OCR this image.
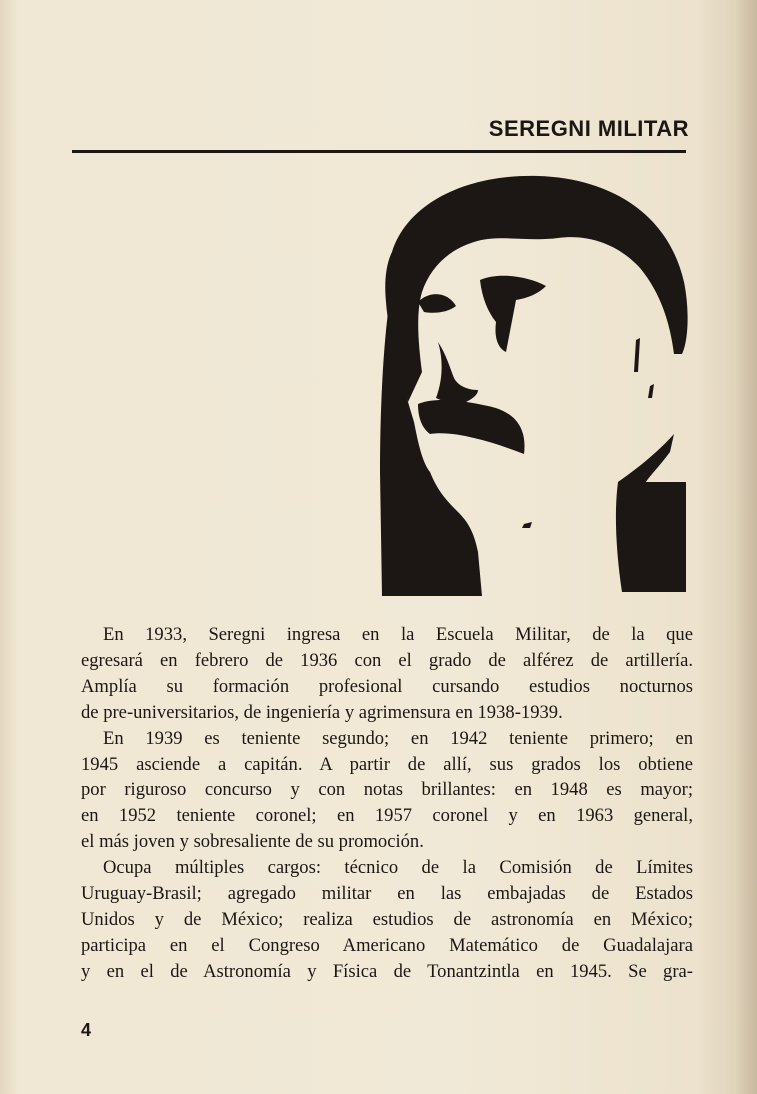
SEREGNI MILITAR
En 1933, Seregni ingresa en la Escuela Militar, de la que
egresará en febrero de 1936 con el grado de alférez de artillería.
Amplía su formación profesional cursando estudios nocturnos
de pre-universitarios, de ingeniería y agrimensura en 1938-1939.
En 1939 es teniente segundo; en 1942 teniente primero; en
1945 asciende a capitán. A partir de allí, sus grados los obtiene
por riguroso concurso y con notas brillantes: en 1948 es mayor;
en 1952 teniente coronel; en 1957 coronel y en 1963 general,
el más joven y sobresaliente de su promoción.
Ocupa múltiples cargos: técnico de la Comisión de Límites
Uruguay-Brasil; agregado militar en las embajadas de Estados
Unidos y de México; realiza estudios de astronomía en México;
participa en el Congreso Americano Matemático de Guadalajara
y en el de Astronomía y Física de Tonantzintla en 1945. Se gra-
4
